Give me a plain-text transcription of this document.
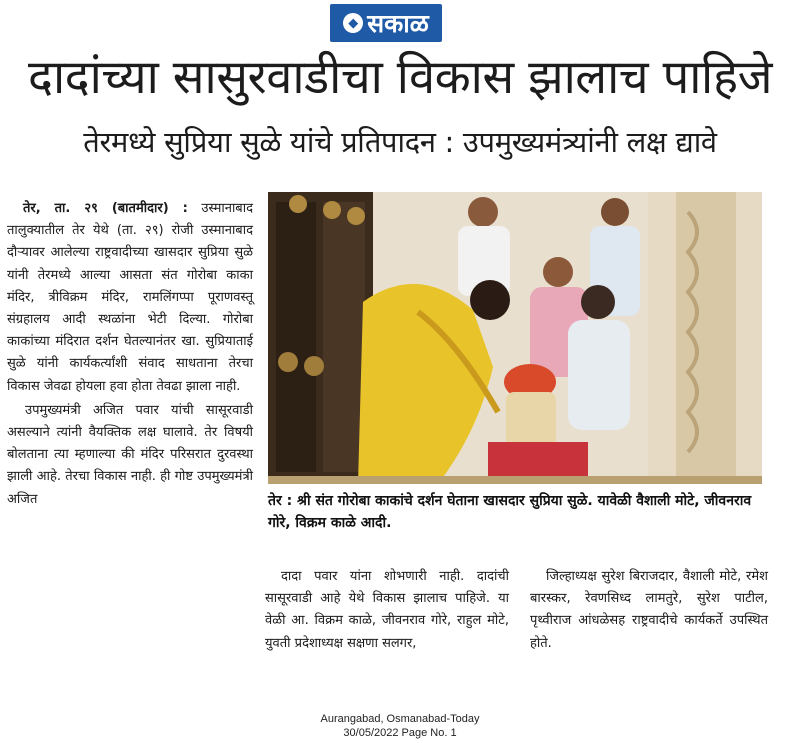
◆ सकाळ
दादांच्या सासुरवाडीचा विकास झालाच पाहिजे
तेरमध्ये सुप्रिया सुळे यांचे प्रतिपादन : उपमुख्यमंत्र्यांनी लक्ष द्यावे

तेर, ता. २९ (बातमीदार) : उस्मानाबाद तालुक्यातील तेर येथे (ता. २९) रोजी उस्मानाबाद दौऱ्यावर आलेल्या राष्ट्रवादीच्या खासदार सुप्रिया सुळे यांनी तेरमध्ये आल्या आसता संत गोरोबा काका मंदिर, त्रीविक्रम मंदिर, रामलिंगप्पा पूराणवस्तू संग्रहालय आदी स्थळांना भेटी दिल्या. गोरोबा काकांच्या मंदिरात दर्शन घेतल्यानंतर खा. सुप्रियाताई सुळे यांनी कार्यकर्त्यांशी संवाद साधताना तेरचा विकास जेवढा होयला हवा होता तेवढा झाला नाही.

उपमुख्यमंत्री अजित पवार यांची सासूरवाडी असल्याने त्यांनी वैयक्तिक लक्ष घालावे. तेर विषयी बोलताना त्या म्हणाल्या की मंदिर परिसरात दुरवस्था झाली आहे. तेरचा विकास नाही. ही गोष्ट उपमुख्यमंत्री अजित	तेर : श्री संत गोरोबा काकांचे दर्शन घेताना खासदार सुप्रिया सुळे. यावेळी वैशाली मोटे, जीवनराव गोरे, विक्रम काळे आदी.

दादा पवार यांना शोभणारी नाही. दादांची सासूरवाडी आहे येथे विकास झालाच पाहिजे. या वेळी आ. विक्रम काळे, जीवनराव गोरे, राहुल मोटे, युवती प्रदेशाध्यक्ष सक्षणा सलगर,

जिल्हाध्यक्ष सुरेश बिराजदार, वैशाली मोटे, रमेश बारस्कर, रेवणसिध्द लामतुरे, सुरेश पाटील, पृथ्वीराज आंधळेसह राष्ट्रवादीचे कार्यकर्ते उपस्थित होते.

Aurangabad, Osmanabad-Today
30/05/2022 Page No. 1
